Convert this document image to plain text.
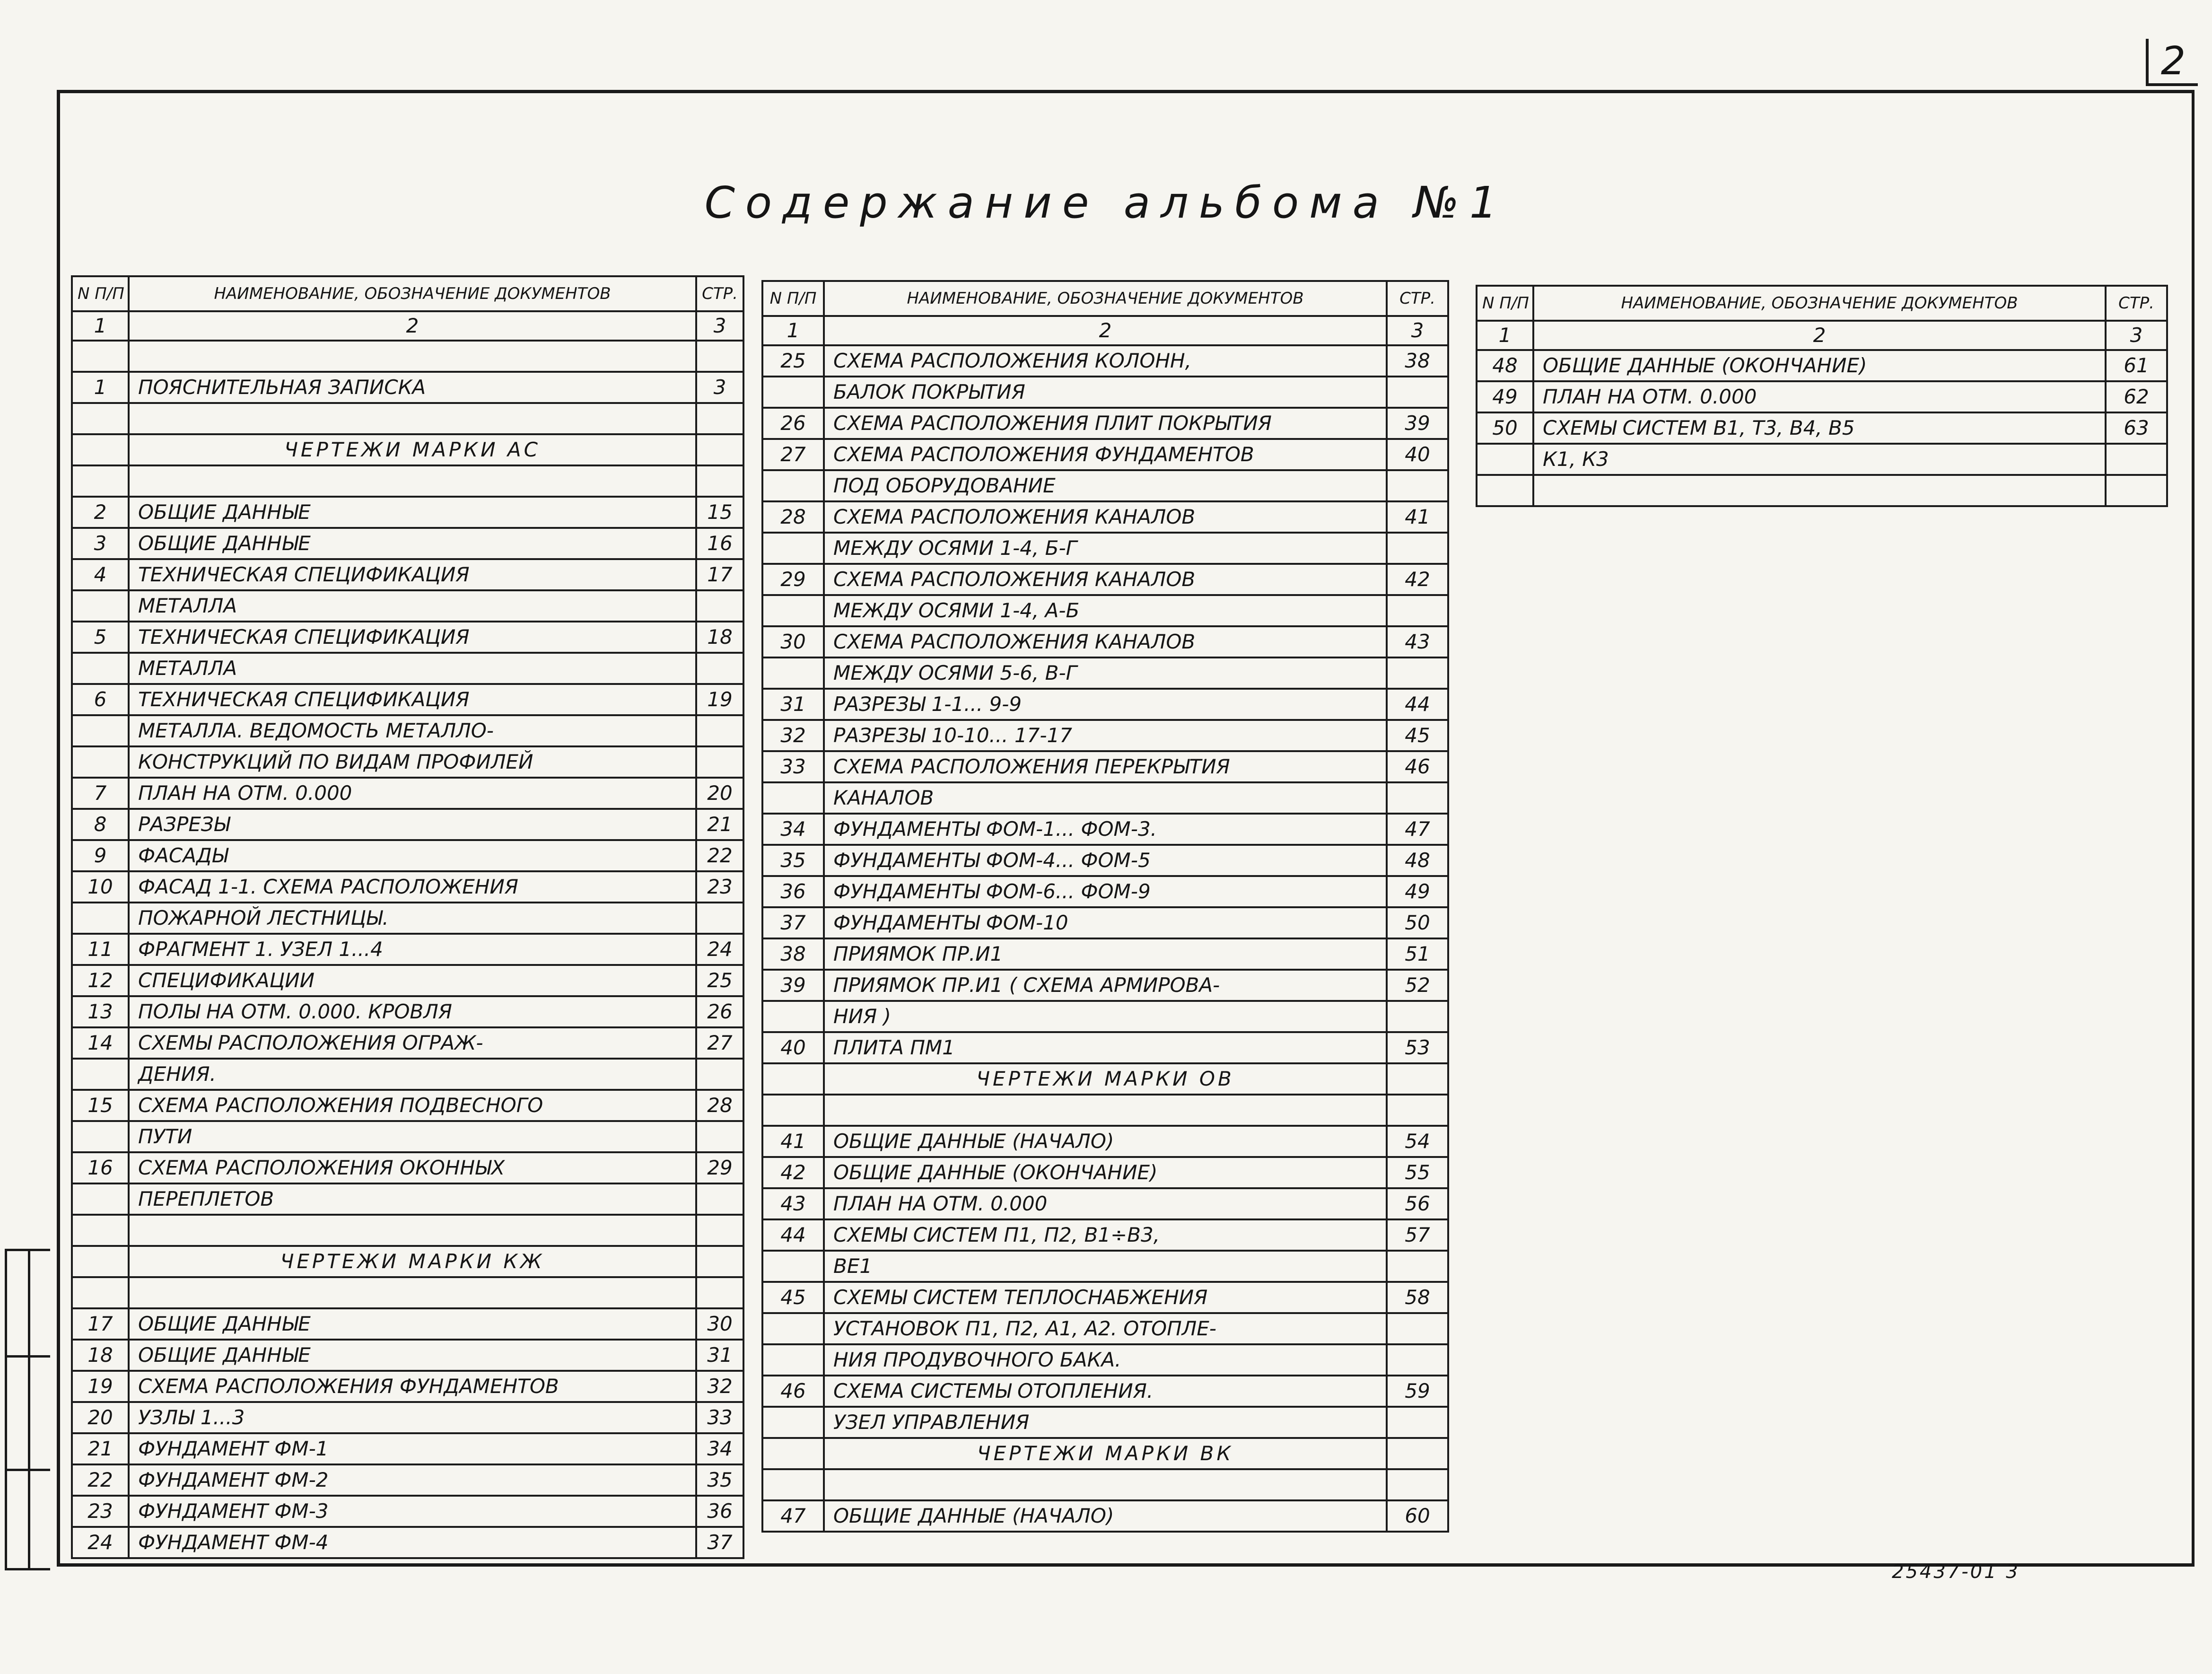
2
Содержание альбома №1
N П/П	НАИМЕНОВАНИЕ, ОБОЗНАЧЕНИЕ ДОКУМЕНТОВ	СТР.
1	2	3

1	ПОЯСНИТЕЛЬНАЯ ЗАПИСКА	3

	ЧЕРТЕЖИ МАРКИ АС	

2	ОБЩИЕ ДАННЫЕ	15
3	ОБЩИЕ ДАННЫЕ	16
4	ТЕХНИЧЕСКАЯ СПЕЦИФИКАЦИЯ	17
	МЕТАЛЛА	
5	ТЕХНИЧЕСКАЯ СПЕЦИФИКАЦИЯ	18
	МЕТАЛЛА	
6	ТЕХНИЧЕСКАЯ СПЕЦИФИКАЦИЯ	19
	МЕТАЛЛА. ВЕДОМОСТЬ МЕТАЛЛО-	
	КОНСТРУКЦИЙ ПО ВИДАМ ПРОФИЛЕЙ	
7	ПЛАН НА ОТМ. 0.000	20
8	РАЗРЕЗЫ	21
9	ФАСАДЫ	22
10	ФАСАД 1-1. СХЕМА РАСПОЛОЖЕНИЯ	23
	ПОЖАРНОЙ ЛЕСТНИЦЫ.	
11	ФРАГМЕНТ 1. УЗЕЛ 1...4	24
12	СПЕЦИФИКАЦИИ	25
13	ПОЛЫ НА ОТМ. 0.000. КРОВЛЯ	26
14	СХЕМЫ РАСПОЛОЖЕНИЯ ОГРАЖ-	27
	ДЕНИЯ.	
15	СХЕМА РАСПОЛОЖЕНИЯ ПОДВЕСНОГО	28
	ПУТИ	
16	СХЕМА РАСПОЛОЖЕНИЯ ОКОННЫХ	29
	ПЕРЕПЛЕТОВ	

	ЧЕРТЕЖИ МАРКИ КЖ	

17	ОБЩИЕ ДАННЫЕ	30
18	ОБЩИЕ ДАННЫЕ	31
19	СХЕМА РАСПОЛОЖЕНИЯ ФУНДАМЕНТОВ	32
20	УЗЛЫ 1...3	33
21	ФУНДАМЕНТ ФМ-1	34
22	ФУНДАМЕНТ ФМ-2	35
23	ФУНДАМЕНТ ФМ-3	36
24	ФУНДАМЕНТ ФМ-4	37
N П/П	НАИМЕНОВАНИЕ, ОБОЗНАЧЕНИЕ ДОКУМЕНТОВ	СТР.
1	2	3
25	СХЕМА РАСПОЛОЖЕНИЯ КОЛОНН,	38
	БАЛОК ПОКРЫТИЯ	
26	СХЕМА РАСПОЛОЖЕНИЯ ПЛИТ ПОКРЫТИЯ	39
27	СХЕМА РАСПОЛОЖЕНИЯ ФУНДАМЕНТОВ	40
	ПОД ОБОРУДОВАНИЕ	
28	СХЕМА РАСПОЛОЖЕНИЯ КАНАЛОВ	41
	МЕЖДУ ОСЯМИ 1-4, Б-Г	
29	СХЕМА РАСПОЛОЖЕНИЯ КАНАЛОВ	42
	МЕЖДУ ОСЯМИ 1-4, А-Б	
30	СХЕМА РАСПОЛОЖЕНИЯ КАНАЛОВ	43
	МЕЖДУ ОСЯМИ 5-6, В-Г	
31	РАЗРЕЗЫ 1-1... 9-9	44
32	РАЗРЕЗЫ 10-10... 17-17	45
33	СХЕМА РАСПОЛОЖЕНИЯ ПЕРЕКРЫТИЯ	46
	КАНАЛОВ	
34	ФУНДАМЕНТЫ ФОМ-1... ФОМ-3.	47
35	ФУНДАМЕНТЫ ФОМ-4... ФОМ-5	48
36	ФУНДАМЕНТЫ ФОМ-6... ФОМ-9	49
37	ФУНДАМЕНТЫ ФОМ-10	50
38	ПРИЯМОК ПР.И1	51
39	ПРИЯМОК ПР.И1 ( СХЕМА АРМИРОВА-	52
	НИЯ )	
40	ПЛИТА ПМ1	53
	ЧЕРТЕЖИ МАРКИ ОВ	

41	ОБЩИЕ ДАННЫЕ (НАЧАЛО)	54
42	ОБЩИЕ ДАННЫЕ (ОКОНЧАНИЕ)	55
43	ПЛАН НА ОТМ. 0.000	56
44	СХЕМЫ СИСТЕМ П1, П2, В1÷В3,	57
	ВЕ1	
45	СХЕМЫ СИСТЕМ ТЕПЛОСНАБЖЕНИЯ	58
	УСТАНОВОК П1, П2, А1, А2. ОТОПЛЕ-	
	НИЯ ПРОДУВОЧНОГО БАКА.	
46	СХЕМА СИСТЕМЫ ОТОПЛЕНИЯ.	59
	УЗЕЛ УПРАВЛЕНИЯ	
	ЧЕРТЕЖИ МАРКИ ВК	

47	ОБЩИЕ ДАННЫЕ (НАЧАЛО)	60
N П/П	НАИМЕНОВАНИЕ, ОБОЗНАЧЕНИЕ ДОКУМЕНТОВ	СТР.
1	2	3
48	ОБЩИЕ ДАННЫЕ (ОКОНЧАНИЕ)	61
49	ПЛАН НА ОТМ. 0.000	62
50	СХЕМЫ СИСТЕМ В1, Т3, В4, В5	63
	К1, К3	

25437-01 3
